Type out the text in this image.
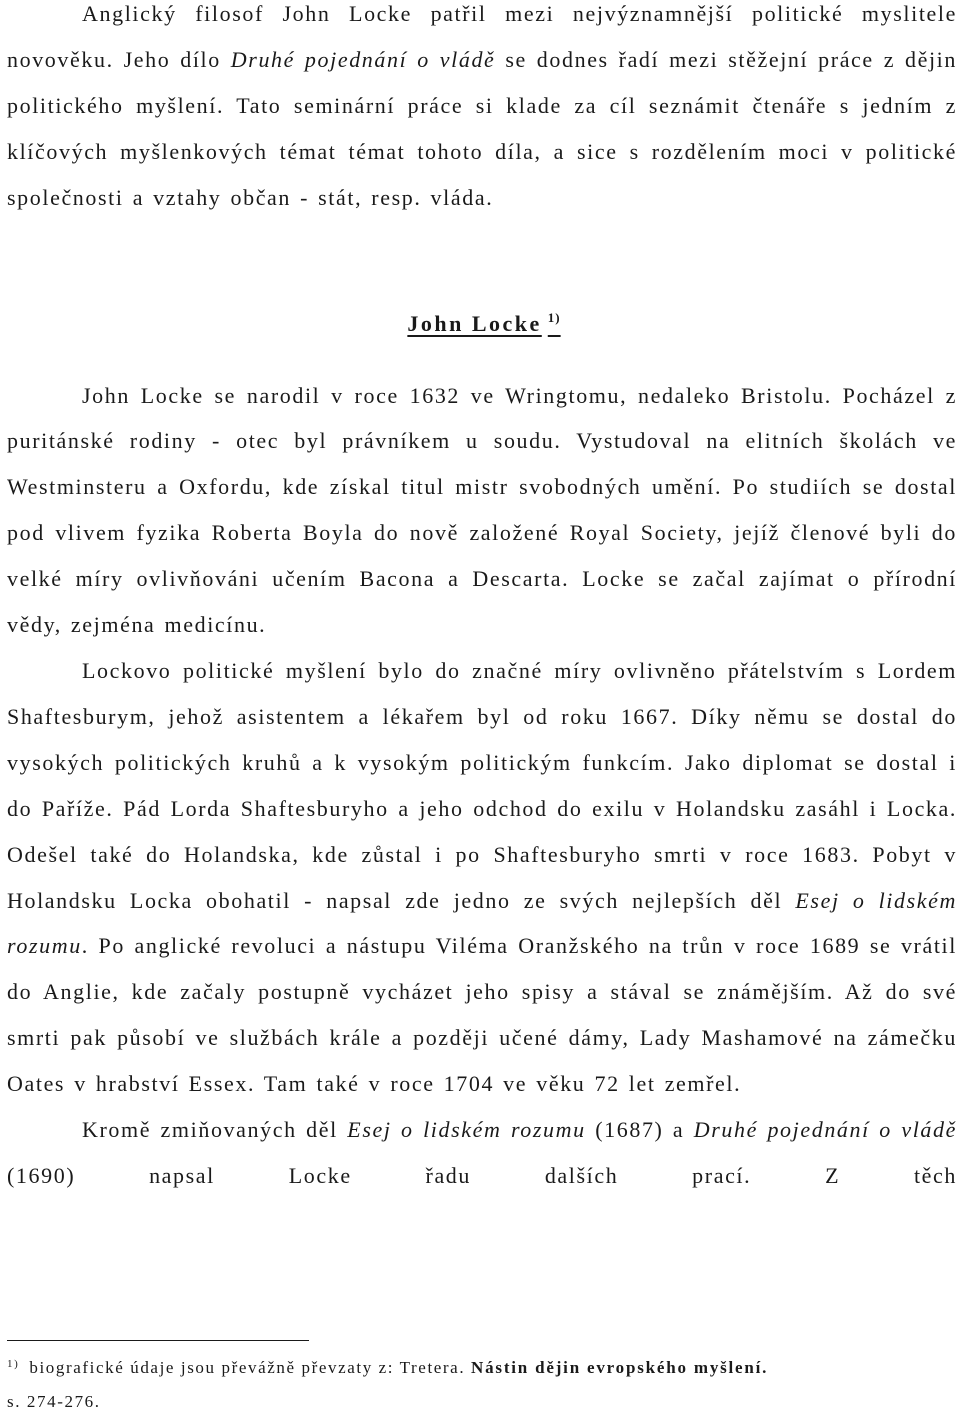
Anglický filosof John Locke patřil mezi nejvýznamnější politické myslitele novověku. Jeho dílo Druhé pojednání o vládě se dodnes řadí mezi stěžejní práce z dějin politického myšlení. Tato seminární práce si klade za cíl seznámit čtenáře s jedním z klíčových myšlenkových témat témat tohoto díla, a sice s rozdělením moci v politické společnosti a vztahy občan - stát, resp. vláda.

John Locke $^{1)}$

John Locke se narodil v roce 1632 ve Wringtomu, nedaleko Bristolu. Pocházel z puritánské rodiny - otec byl právníkem u soudu. Vystudoval na elitních školách ve Westminsteru a Oxfordu, kde získal titul mistr svobodných umění. Po studiích se dostal pod vlivem fyzika Roberta Boyla do nově založené Royal Society, jejíž členové byli do velké míry ovlivňováni učením Bacona a Descarta. Locke se začal zajímat o přírodní vědy, zejména medicínu.

Lockovo politické myšlení bylo do značné míry ovlivněno přátelstvím s Lordem Shaftesburym, jehož asistentem a lékařem byl od roku 1667. Díky němu se dostal do vysokých politických kruhů a k vysokým politickým funkcím. Jako diplomat se dostal i do Paříže. Pád Lorda Shaftesburyho a jeho odchod do exilu v Holandsku zasáhl i Locka. Odešel také do Holandska, kde zůstal i po Shaftesburyho smrti v roce 1683. Pobyt v Holandsku Locka obohatil - napsal zde jedno ze svých nejlepších děl Esej o lidském rozumu. Po anglické revoluci a nástupu Viléma Oranžského na trůn v roce 1689 se vrátil do Anglie, kde začaly postupně vycházet jeho spisy a stával se známějším. Až do své smrti pak působí ve službách krále a později učené dámy, Lady Mashamové na zámečku Oates v hrabství Essex. Tam také v roce 1704 ve věku 72 let zemřel.

Kromě zmiňovaných děl Esej o lidském rozumu (1687) a Druhé pojednání o vládě (1690) napsal Locke řadu dalších prací. Z těch

$^{1)}$ biografické údaje jsou převážně převzaty z: Tretera. Nástin dějin evropského myšlení.
s. 274-276.
